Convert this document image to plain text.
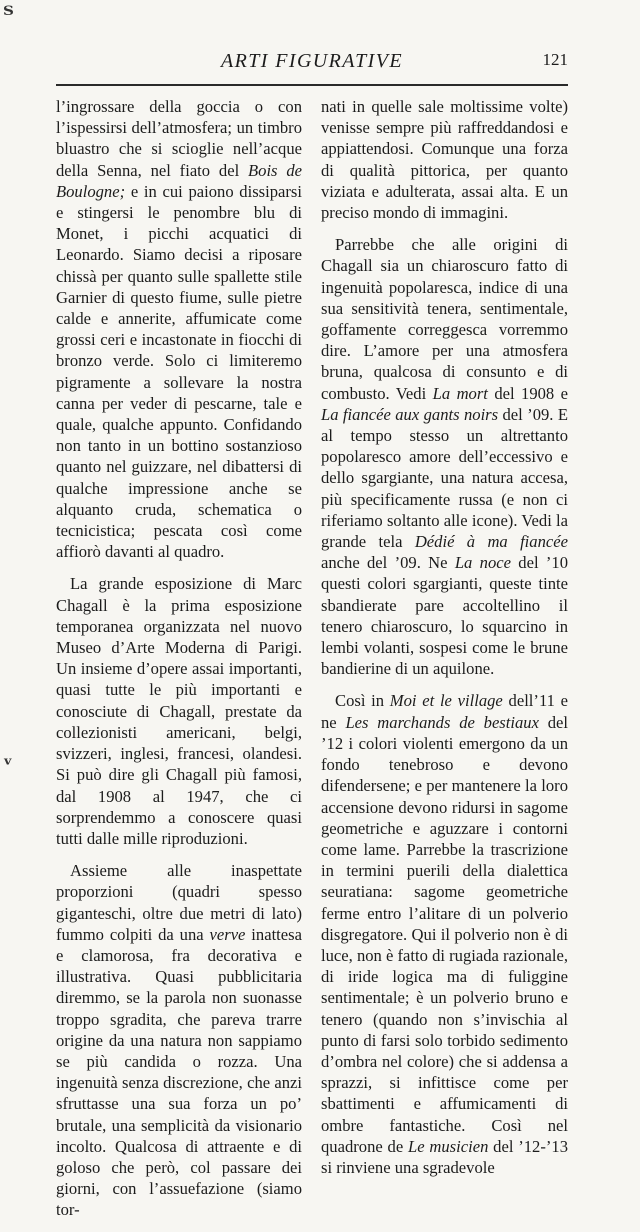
ᵀ
ᵛ
ARTI FIGURATIVE	121

l’ingrossare della goccia o con l’ispessirsi dell’atmosfera; un timbro bluastro che si scioglie nell’acque della Senna, nel fiato del Bois de Boulogne; e in cui paiono dissiparsi e stingersi le penombre blu di Monet, i picchi acquatici di Leonardo. Siamo decisi a riposare chissà per quanto sulle spallette stile Garnier di questo fiume, sulle pietre calde e annerite, affumicate come grossi ceri e incastonate in fiocchi di bronzo verde. Solo ci limiteremo pigramente a sollevare la nostra canna per veder di pescarne, tale e quale, qualche appunto. Confidando non tanto in un bottino sostanzioso quanto nel guizzare, nel dibattersi di qualche impressione anche se alquanto cruda, schematica o tecnicistica; pescata così come affiorò davanti al quadro.

La grande esposizione di Marc Chagall è la prima esposizione temporanea organizzata nel nuovo Museo d’Arte Moderna di Parigi. Un insieme d’opere assai importanti, quasi tutte le più importanti e conosciute di Chagall, prestate da collezionisti americani, belgi, svizzeri, inglesi, francesi, olandesi. Si può dire gli Chagall più famosi, dal 1908 al 1947, che ci sorprendemmo a conoscere quasi tutti dalle mille riproduzioni.

Assieme alle inaspettate proporzioni (quadri spesso giganteschi, oltre due metri di lato) fummo colpiti da una verve inattesa e clamorosa, fra decorativa e illustrativa. Quasi pubblicitaria diremmo, se la parola non suonasse troppo sgradita, che pareva trarre origine da una natura non sappiamo se più candida o rozza. Una ingenuità senza discrezione, che anzi sfruttasse una sua forza un po’ brutale, una semplicità da visionario incolto. Qualcosa di attraente e di goloso che però, col passare dei giorni, con l’assuefazione (siamo tor-

nati in quelle sale moltissime volte) venisse sempre più raffreddandosi e appiattendosi. Comunque una forza di qualità pittorica, per quanto viziata e adulterata, assai alta. E un preciso mondo di immagini.

Parrebbe che alle origini di Chagall sia un chiaroscuro fatto di ingenuità popolaresca, indice di una sua sensitività tenera, sentimentale, goffamente correggesca vorremmo dire. L’amore per una atmosfera bruna, qualcosa di consunto e di combusto. Vedi La mort del 1908 e La fiancée aux gants noirs del ’09. E al tempo stesso un altrettanto popolaresco amore dell’eccessivo e dello sgargiante, una natura accesa, più specificamente russa (e non ci riferiamo soltanto alle icone). Vedi la grande tela Dédié à ma fiancée anche del ’09. Ne La noce del ’10 questi colori sgargianti, queste tinte sbandierate pare accoltellino il tenero chiaroscuro, lo squarcino in lembi volanti, sospesi come le brune bandierine di un aquilone.

Così in Moi et le village dell’11 e ne Les marchands de bestiaux del ’12 i colori violenti emergono da un fondo tenebroso e devono difendersene; e per mantenere la loro accensione devono ridursi in sagome geometriche e aguzzare i contorni come lame. Parrebbe la trascrizione in termini puerili della dialettica seuratiana: sagome geometriche ferme entro l’alitare di un polverio disgregatore. Qui il polverio non è di luce, non è fatto di rugiada razionale, di iride logica ma di fuliggine sentimentale; è un polverio bruno e tenero (quando non s’invischia al punto di farsi solo torbido sedimento d’ombra nel colore) che si addensa a sprazzi, si infittisce come per sbattimenti e affumicamenti di ombre fantastiche. Così nel quadrone de Le musicien del ’12-’13 si rinviene una sgradevole
